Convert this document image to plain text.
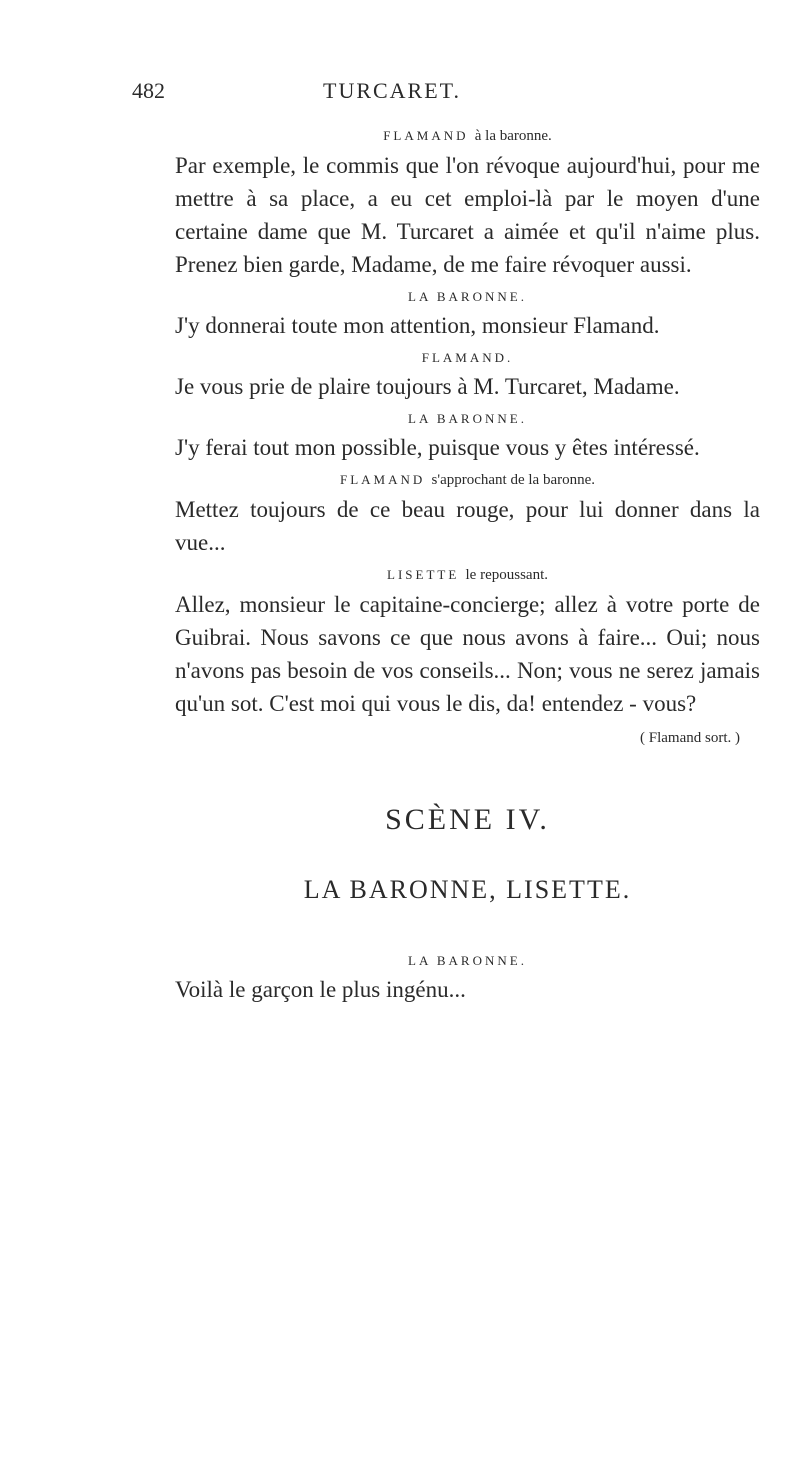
482	TURCARET.
FLAMAND à la baronne.

Par exemple, le commis que l'on révoque aujourd'hui, pour me mettre à sa place, a eu cet emploi-là par le moyen d'une certaine dame que M. Turcaret a aimée et qu'il n'aime plus. Prenez bien garde, Madame, de me faire révoquer aussi.

LA BARONNE.

J'y donnerai toute mon attention, monsieur Flamand.

FLAMAND.

Je vous prie de plaire toujours à M. Turcaret, Madame.

LA BARONNE.

J'y ferai tout mon possible, puisque vous y êtes intéressé.

FLAMAND s'approchant de la baronne.

Mettez toujours de ce beau rouge, pour lui donner dans la vue...

LISETTE le repoussant.

Allez, monsieur le capitaine-concierge; allez à votre porte de Guibrai. Nous savons ce que nous avons à faire... Oui; nous n'avons pas besoin de vos conseils... Non; vous ne serez jamais qu'un sot. C'est moi qui vous le dis, da! entendez - vous?

( Flamand sort. )
SCÈNE IV.
LA BARONNE, LISETTE.
LA BARONNE.

Voilà le garçon le plus ingénu...
